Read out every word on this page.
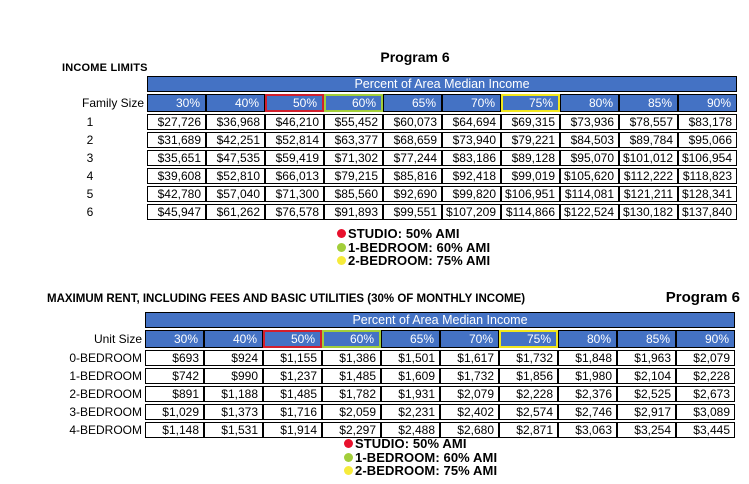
INCOME LIMITS
Program 6
	Percent of Area Median Income									
Family Size	30%	40%	50%	60%	65%	70%	75%	80%	85%	90%
1	$27,726	$36,968	$46,210	$55,452	$60,073	$64,694	$69,315	$73,936	$78,557	$83,178
2	$31,689	$42,251	$52,814	$63,377	$68,659	$73,940	$79,221	$84,503	$89,784	$95,066
3	$35,651	$47,535	$59,419	$71,302	$77,244	$83,186	$89,128	$95,070	$101,012	$106,954
4	$39,608	$52,810	$66,013	$79,215	$85,816	$92,418	$99,019	$105,620	$112,222	$118,823
5	$42,780	$57,040	$71,300	$85,560	$92,690	$99,820	$106,951	$114,081	$121,211	$128,341
6	$45,947	$61,262	$76,578	$91,893	$99,551	$107,209	$114,866	$122,524	$130,182	$137,840
STUDIO: 50% AMI
1-BEDROOM: 60% AMI
2-BEDROOM: 75% AMI
MAXIMUM RENT, INCLUDING FEES AND BASIC UTILITIES (30% OF MONTHLY INCOME)	Program 6
	Percent of Area Median Income									
Unit Size	30%	40%	50%	60%	65%	70%	75%	80%	85%	90%
0-BEDROOM	$693	$924	$1,155	$1,386	$1,501	$1,617	$1,732	$1,848	$1,963	$2,079
1-BEDROOM	$742	$990	$1,237	$1,485	$1,609	$1,732	$1,856	$1,980	$2,104	$2,228
2-BEDROOM	$891	$1,188	$1,485	$1,782	$1,931	$2,079	$2,228	$2,376	$2,525	$2,673
3-BEDROOM	$1,029	$1,373	$1,716	$2,059	$2,231	$2,402	$2,574	$2,746	$2,917	$3,089
4-BEDROOM	$1,148	$1,531	$1,914	$2,297	$2,488	$2,680	$2,871	$3,063	$3,254	$3,445
STUDIO: 50% AMI
1-BEDROOM: 60% AMI
2-BEDROOM: 75% AMI
